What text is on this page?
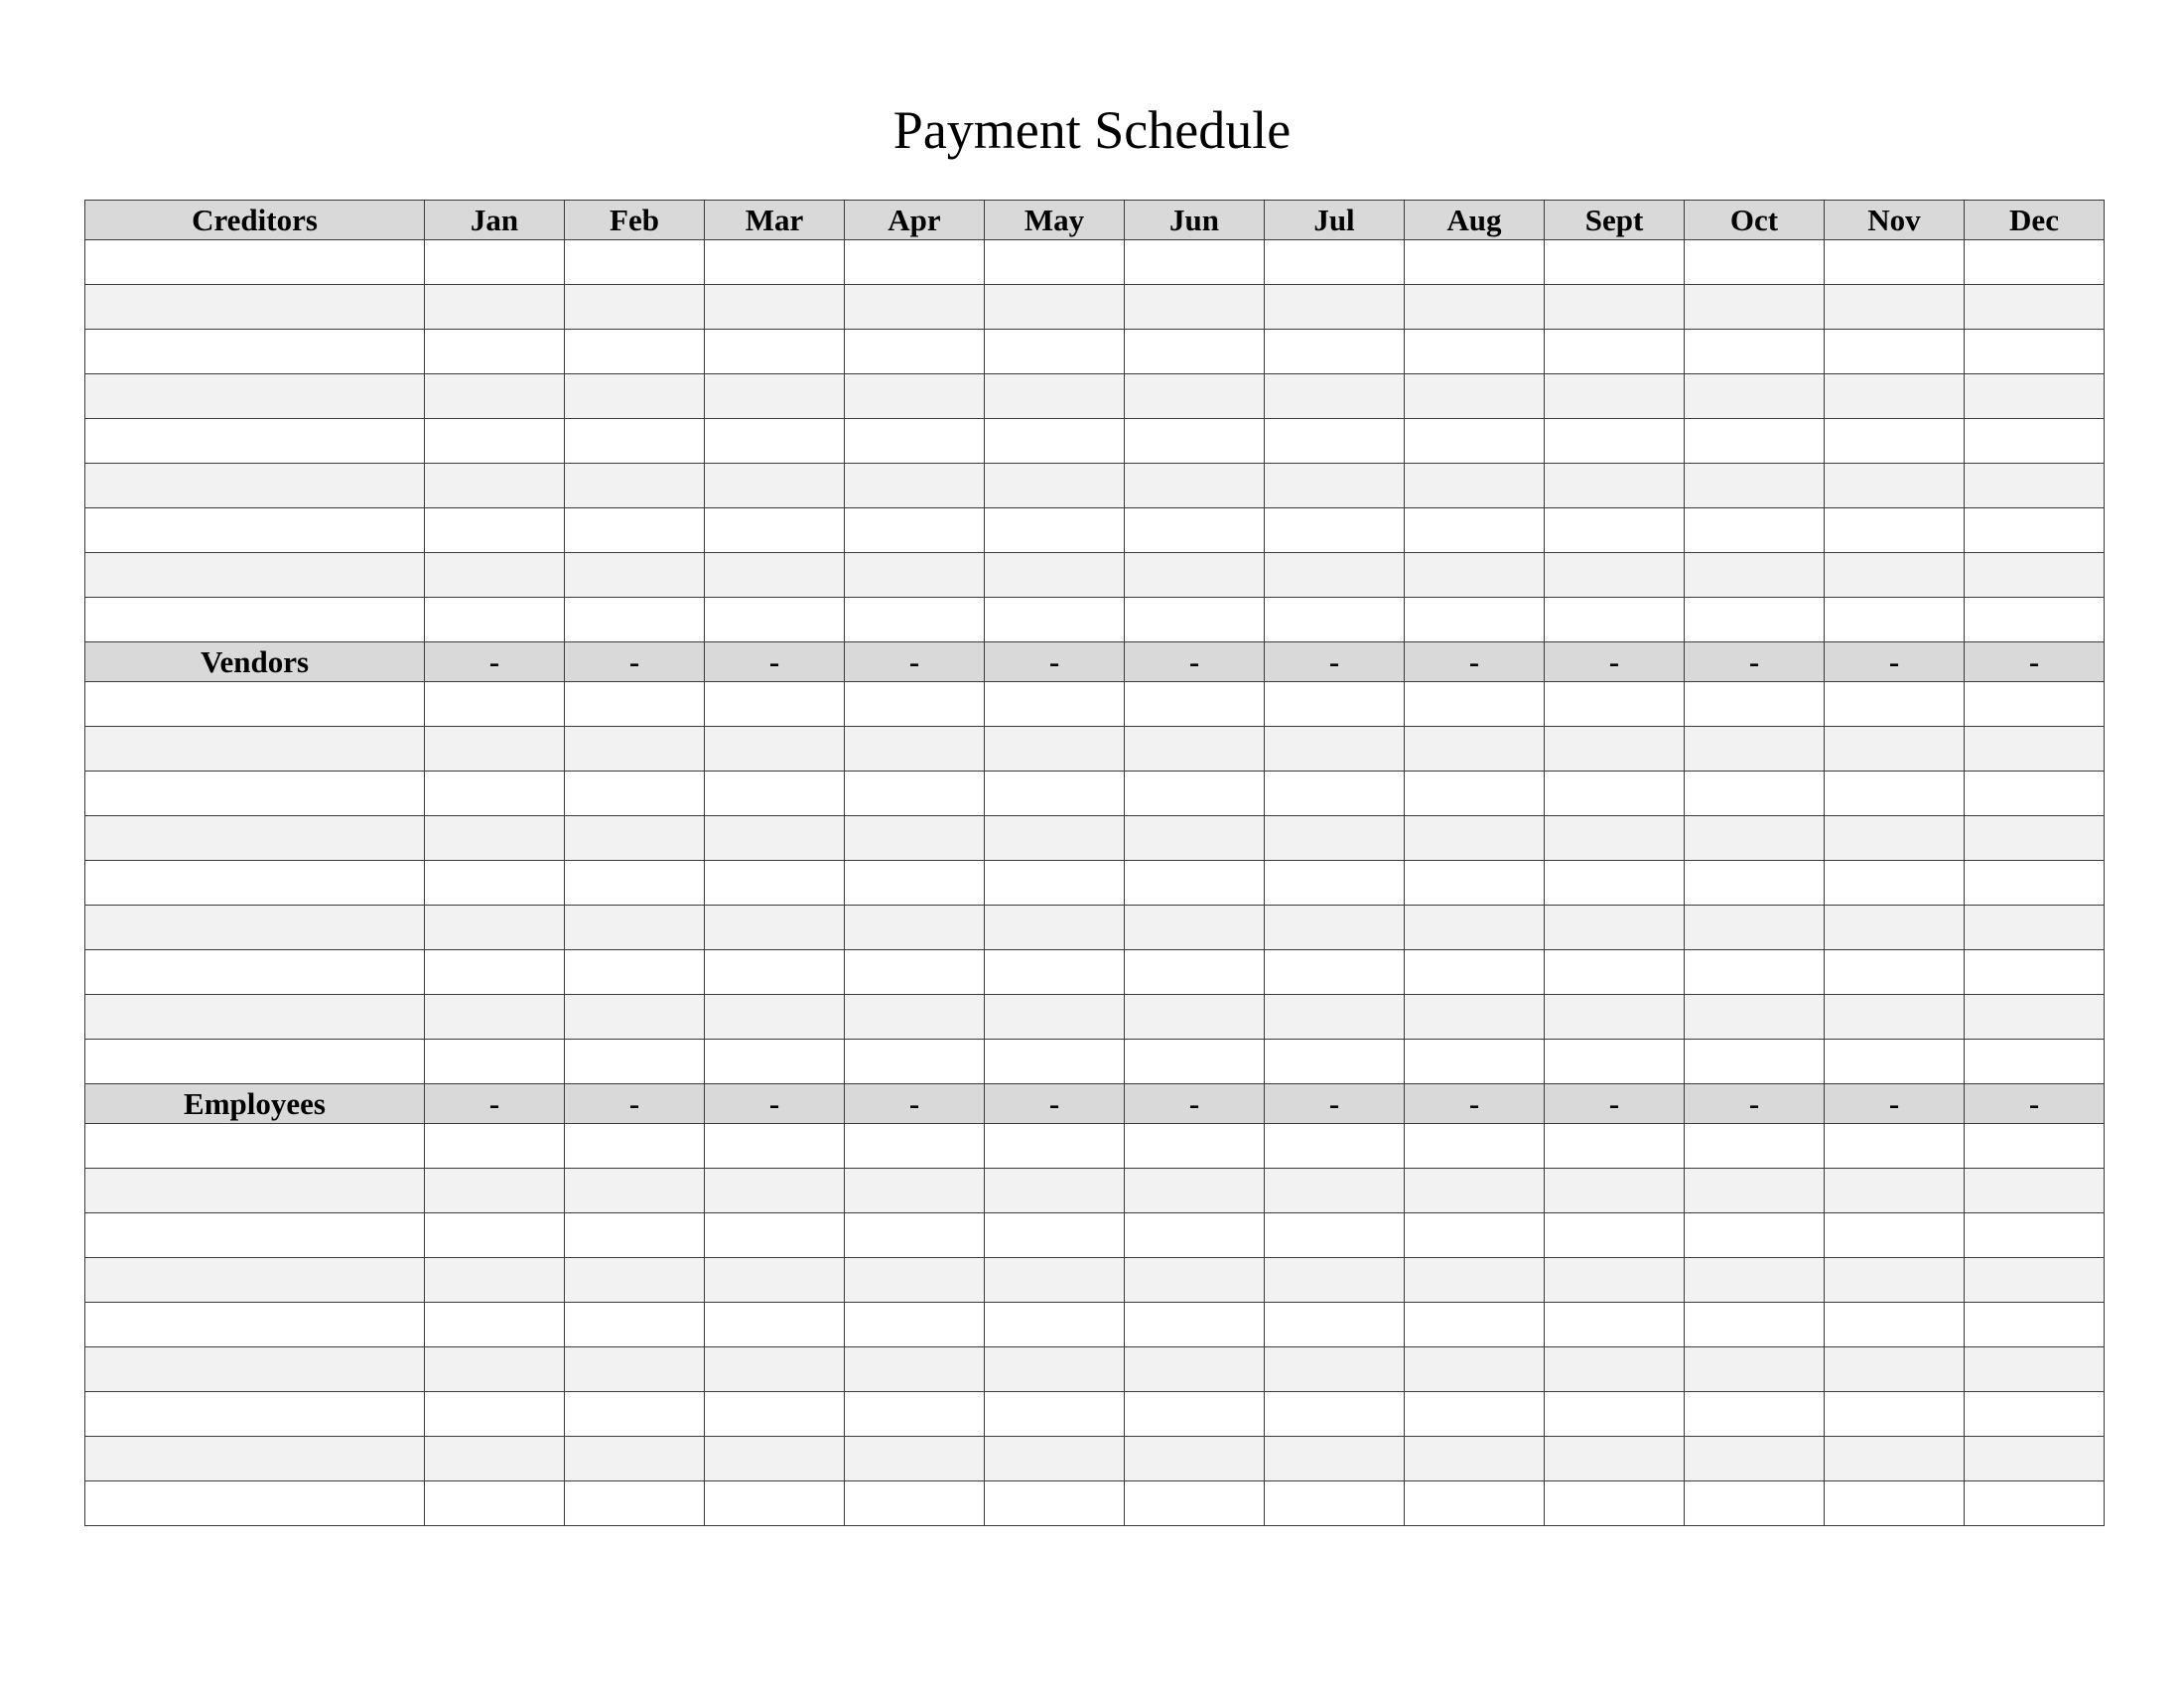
Payment Schedule
Creditors	Jan	Feb	Mar	Apr	May	Jun	Jul	Aug	Sept	Oct	Nov	Dec

Vendors	-	-	-	-	-	-	-	-	-	-	-	-

Employees	-	-	-	-	-	-	-	-	-	-	-	-
